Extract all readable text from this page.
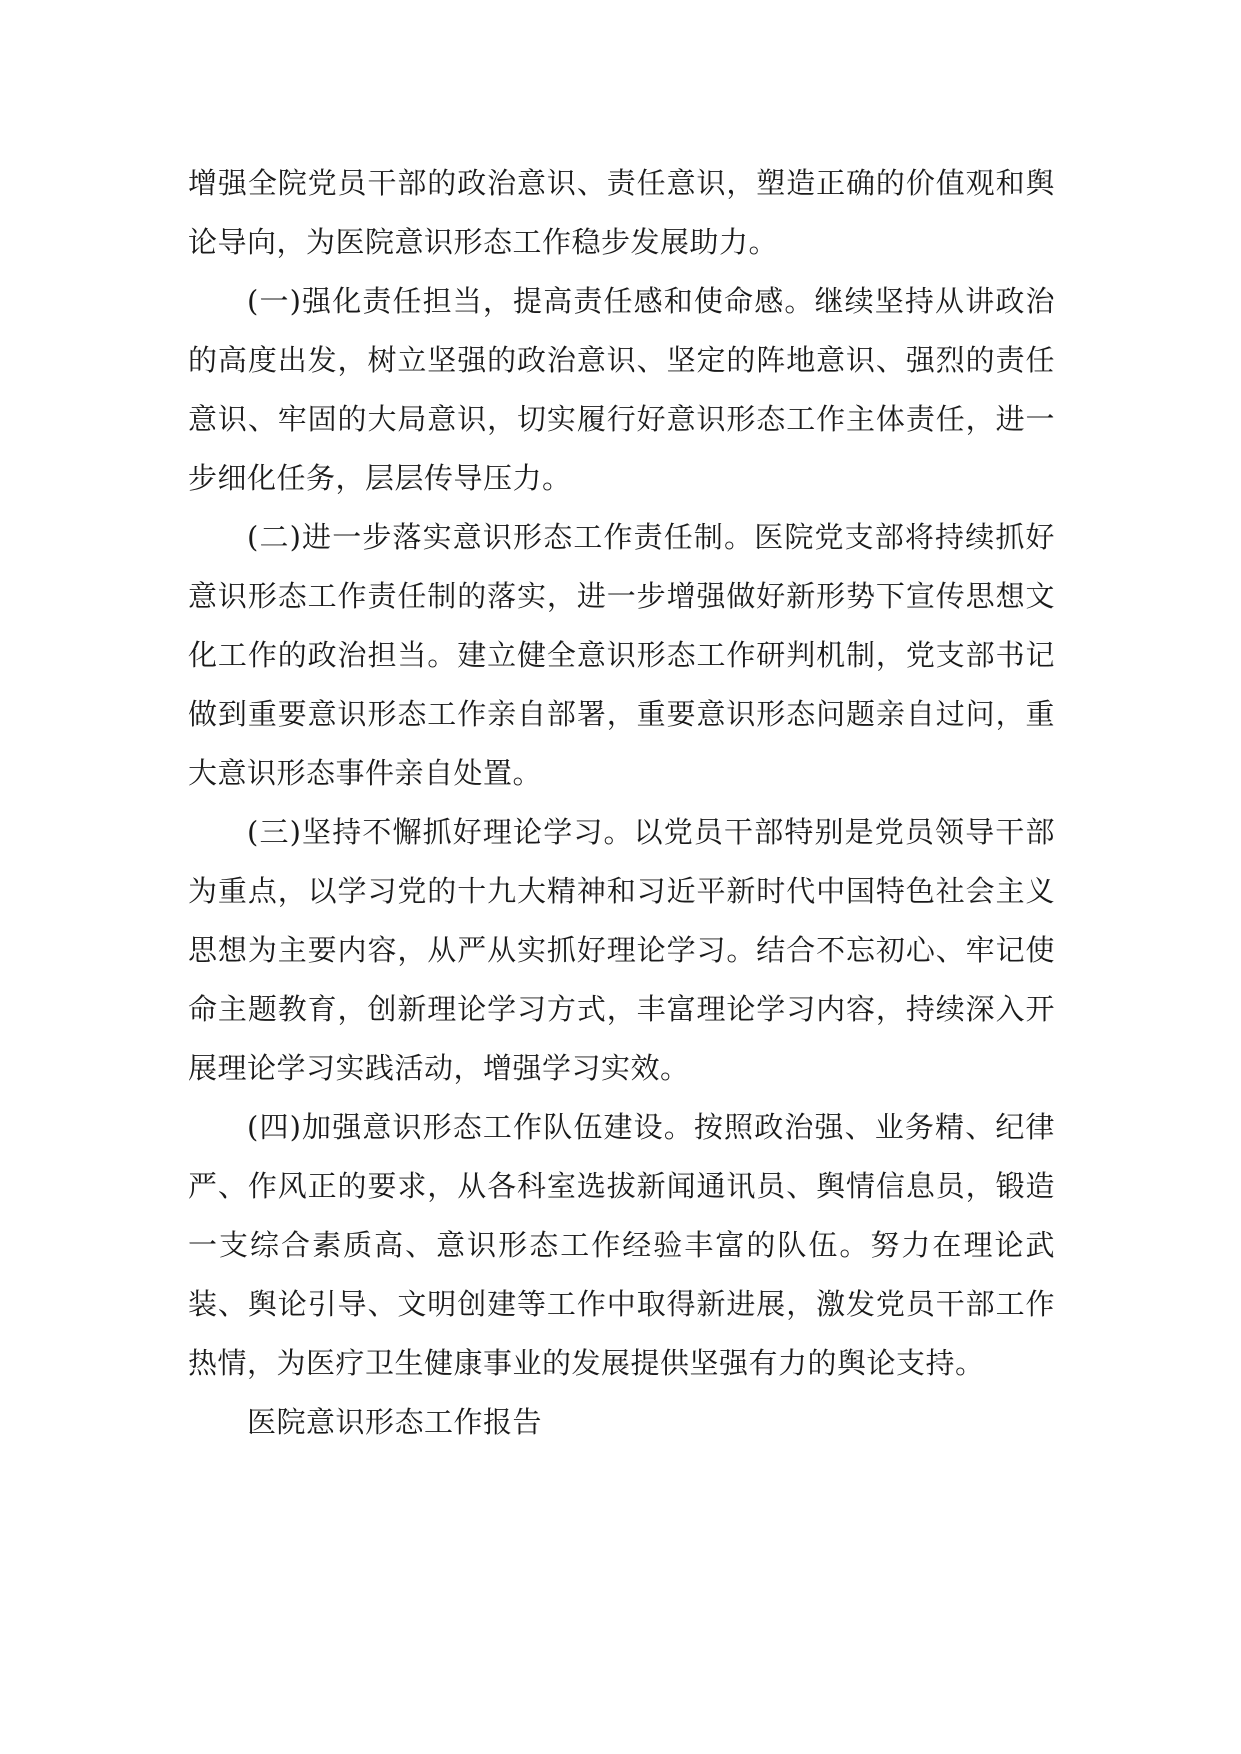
增强全院党员干部的政治意识、责任意识，塑造正确的价值观和舆论导向，为医院意识形态工作稳步发展助力。

(一)强化责任担当，提高责任感和使命感。继续坚持从讲政治的高度出发，树立坚强的政治意识、坚定的阵地意识、强烈的责任意识、牢固的大局意识，切实履行好意识形态工作主体责任，进一步细化任务，层层传导压力。

(二)进一步落实意识形态工作责任制。医院党支部将持续抓好意识形态工作责任制的落实，进一步增强做好新形势下宣传思想文化工作的政治担当。建立健全意识形态工作研判机制，党支部书记做到重要意识形态工作亲自部署，重要意识形态问题亲自过问，重大意识形态事件亲自处置。

(三)坚持不懈抓好理论学习。以党员干部特别是党员领导干部为重点，以学习党的十九大精神和习近平新时代中国特色社会主义思想为主要内容，从严从实抓好理论学习。结合不忘初心、牢记使命主题教育，创新理论学习方式，丰富理论学习内容，持续深入开展理论学习实践活动，增强学习实效。

(四)加强意识形态工作队伍建设。按照政治强、业务精、纪律严、作风正的要求，从各科室选拔新闻通讯员、舆情信息员，锻造一支综合素质高、意识形态工作经验丰富的队伍。努力在理论武装、舆论引导、文明创建等工作中取得新进展，激发党员干部工作热情，为医疗卫生健康事业的发展提供坚强有力的舆论支持。

医院意识形态工作报告
